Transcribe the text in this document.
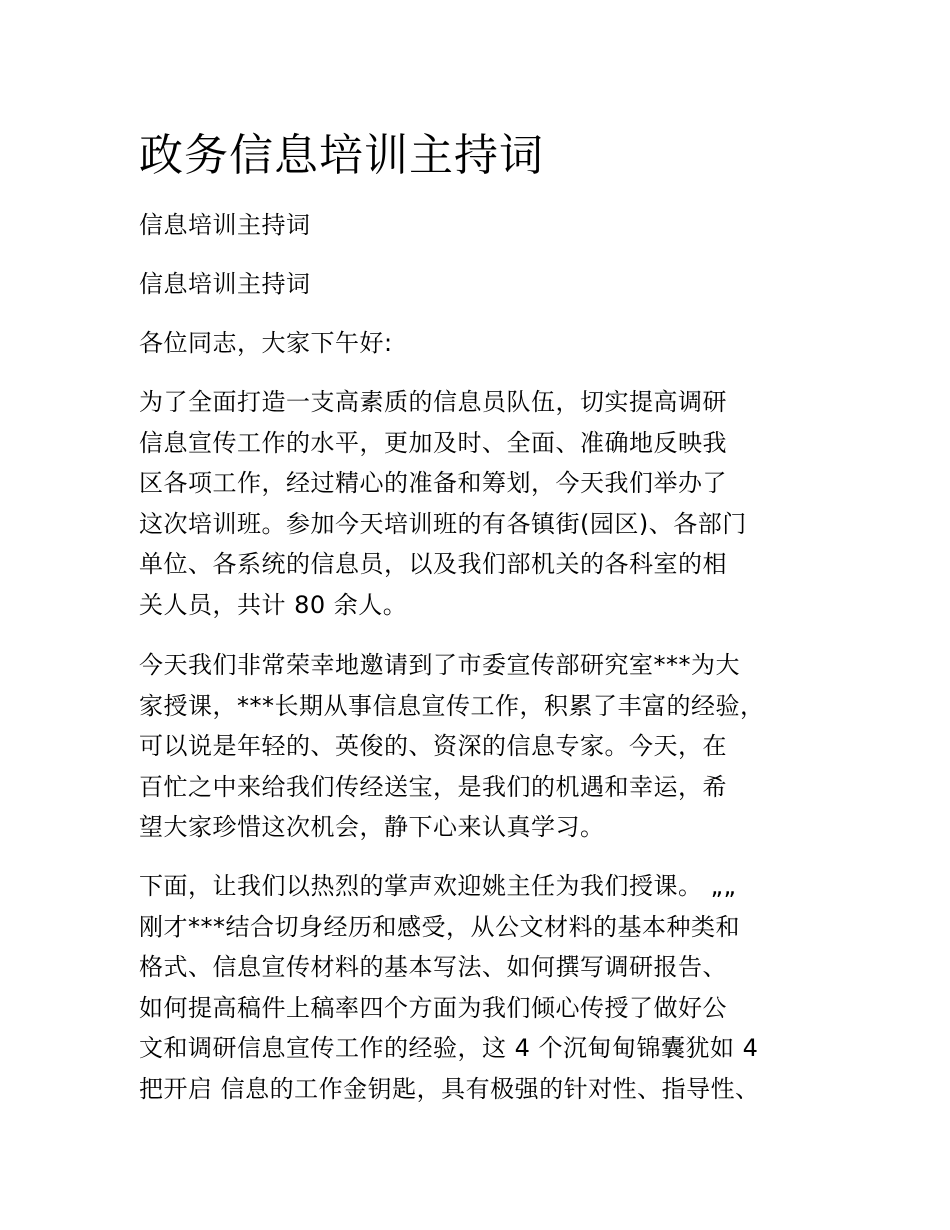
政务信息培训主持词
信息培训主持词
信息培训主持词
各位同志，大家下午好:
为了全面打造一支高素质的信息员队伍，切实提高调研
信息宣传工作的水平，更加及时、全面、准确地反映我
区各项工作，经过精心的准备和筹划，今天我们举办了
这次培训班。参加今天培训班的有各镇街(园区)、各部门
单位、各系统的信息员，以及我们部机关的各科室的相
关人员，共计 80 余人。
今天我们非常荣幸地邀请到了市委宣传部研究室***为大
家授课，***长期从事信息宣传工作，积累了丰富的经验，
可以说是年轻的、英俊的、资深的信息专家。今天，在
百忙之中来给我们传经送宝，是我们的机遇和幸运，希
望大家珍惜这次机会，静下心来认真学习。
下面，让我们以热烈的掌声欢迎姚主任为我们授课。 „„
刚才***结合切身经历和感受，从公文材料的基本种类和
格式、信息宣传材料的基本写法、如何撰写调研报告、
如何提高稿件上稿率四个方面为我们倾心传授了做好公
文和调研信息宣传工作的经验，这 4 个沉甸甸锦囊犹如 4
把开启 信息的工作金钥匙，具有极强的针对性、指导性、
